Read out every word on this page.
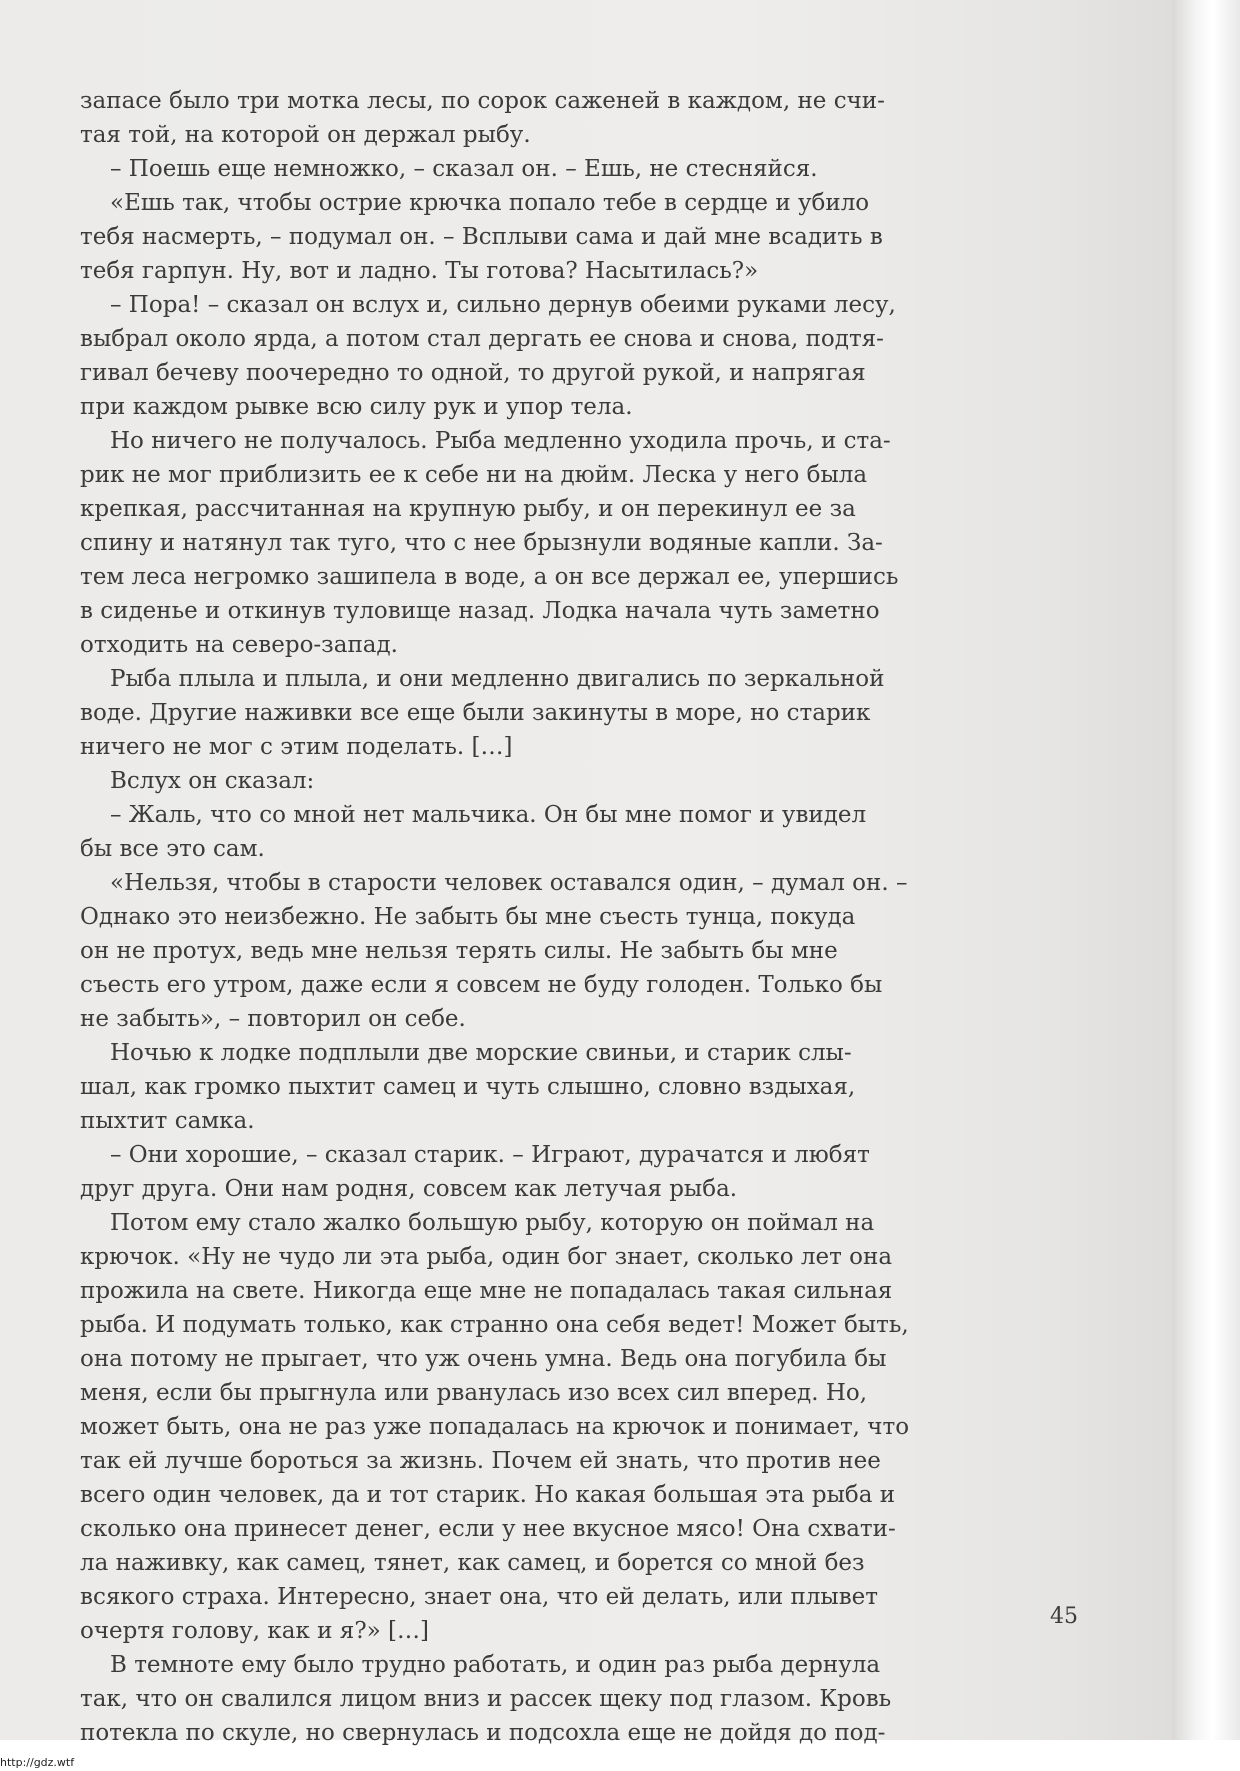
запасе было три мотка лесы, по сорок саженей в каждом, не счи-
тая той, на которой он держал рыбу.
– Поешь еще немножко, – сказал он. – Ешь, не стесняйся.
«Ешь так, чтобы острие крючка попало тебе в сердце и убило
тебя насмерть, – подумал он. – Всплыви сама и дай мне всадить в
тебя гарпун. Ну, вот и ладно. Ты готова? Насытилась?»
– Пора! – сказал он вслух и, сильно дернув обеими руками лесу,
выбрал около ярда, а потом стал дергать ее снова и снова, подтя-
гивал бечеву поочередно то одной, то другой рукой, и напрягая
при каждом рывке всю силу рук и упор тела.
Но ничего не получалось. Рыба медленно уходила прочь, и ста-
рик не мог приблизить ее к себе ни на дюйм. Леска у него была
крепкая, рассчитанная на крупную рыбу, и он перекинул ее за
спину и натянул так туго, что с нее брызнули водяные капли. За-
тем леса негромко зашипела в воде, а он все держал ее, упершись
в сиденье и откинув туловище назад. Лодка начала чуть заметно
отходить на северо-запад.
Рыба плыла и плыла, и они медленно двигались по зеркальной
воде. Другие наживки все еще были закинуты в море, но старик
ничего не мог с этим поделать. […]
Вслух он сказал:
– Жаль, что со мной нет мальчика. Он бы мне помог и увидел
бы все это сам.
«Нельзя, чтобы в старости человек оставался один, – думал он. –
Однако это неизбежно. Не забыть бы мне съесть тунца, покуда
он не протух, ведь мне нельзя терять силы. Не забыть бы мне
съесть его утром, даже если я совсем не буду голоден. Только бы
не забыть», – повторил он себе.
Ночью к лодке подплыли две морские свиньи, и старик слы-
шал, как громко пыхтит самец и чуть слышно, словно вздыхая,
пыхтит самка.
– Они хорошие, – сказал старик. – Играют, дурачатся и любят
друг друга. Они нам родня, совсем как летучая рыба.
Потом ему стало жалко большую рыбу, которую он поймал на
крючок. «Ну не чудо ли эта рыба, один бог знает, сколько лет она
прожила на свете. Никогда еще мне не попадалась такая сильная
рыба. И подумать только, как странно она себя ведет! Может быть,
она потому не прыгает, что уж очень умна. Ведь она погубила бы
меня, если бы прыгнула или рванулась изо всех сил вперед. Но,
может быть, она не раз уже попадалась на крючок и понимает, что
так ей лучше бороться за жизнь. Почем ей знать, что против нее
всего один человек, да и тот старик. Но какая большая эта рыба и
сколько она принесет денег, если у нее вкусное мясо! Она схвати-
ла наживку, как самец, тянет, как самец, и борется со мной без
всякого страха. Интересно, знает она, что ей делать, или плывет
очертя голову, как и я?» […]
В темноте ему было трудно работать, и один раз рыба дернула
так, что он свалился лицом вниз и рассек щеку под глазом. Кровь
потекла по скуле, но свернулась и подсохла еще не дойдя до под-
45
http://gdz.wtf
